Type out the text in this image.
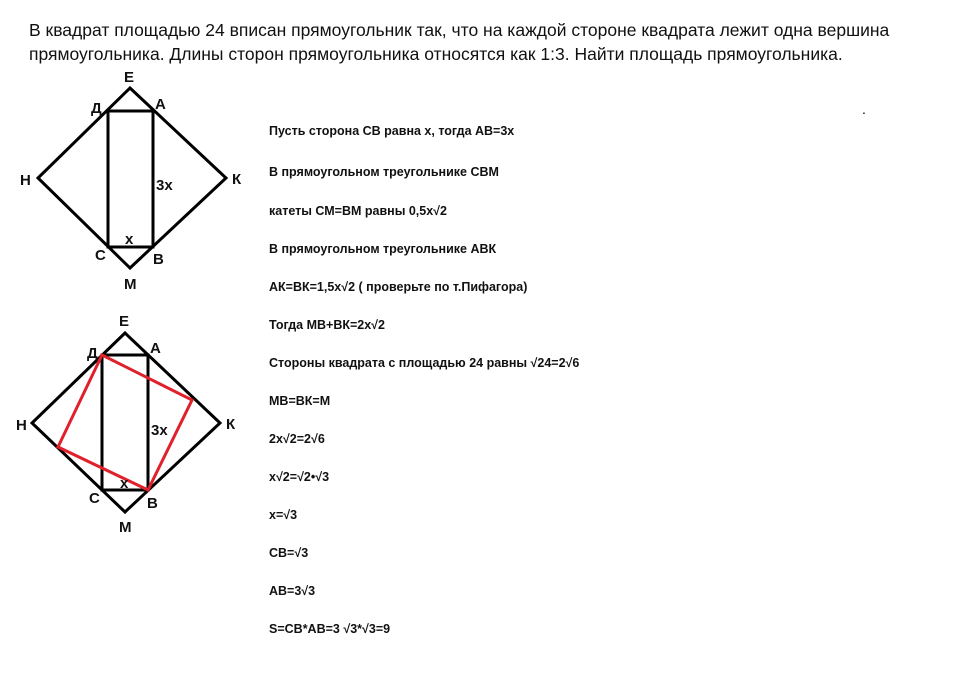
В квадрат площадью 24 вписан прямоугольник так, что на каждой стороне квадрата лежит одна вершина
прямоугольника. Длины сторон прямоугольника относятся как 1:3. Найти площадь прямоугольника.
.
Е
Д	А
Н	К
3х
х
С	В
М
Е
Д	А
Н	К
3х
х
С	В
М
Пусть сторона СВ равна х, тогда АВ=3х
В прямоугольном треугольнике СВМ
катеты СМ=ВМ равны 0,5х√2
В прямоугольном треугольнике АВК
АК=ВК=1,5х√2 ( проверьте по т.Пифагора)
Тогда МВ+ВК=2х√2
Стороны квадрата с площадью 24 равны √24=2√6
МВ=ВК=М
2х√2=2√6
х√2=√2•√3
х=√3
СВ=√3
АВ=3√3
S=СВ*АВ=3 √3*√3=9
